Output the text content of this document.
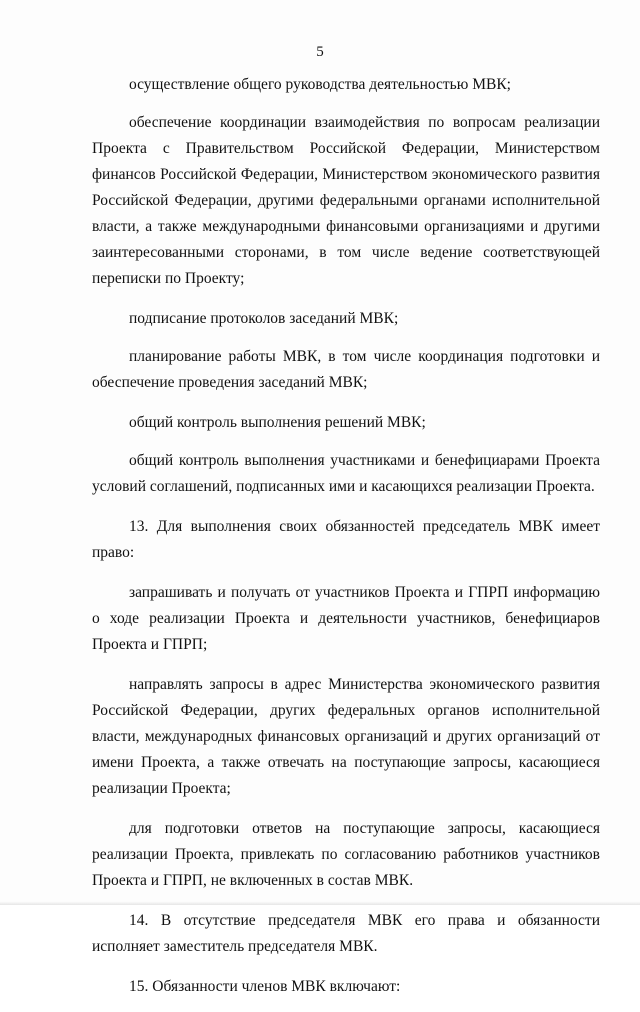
5

осуществление общего руководства деятельностью МВК;

обеспечение координации взаимодействия по вопросам реализации Проекта с Правительством Российской Федерации, Министерством финансов Российской Федерации, Министерством экономического развития Российской Федерации, другими федеральными органами исполнительной власти, а также международными финансовыми организациями и другими заинтересованными сторонами, в том числе ведение соответствующей переписки по Проекту;

подписание протоколов заседаний МВК;

планирование работы МВК, в том числе координация подготовки и обеспечение проведения заседаний МВК;

общий контроль выполнения решений МВК;

общий контроль выполнения участниками и бенефициарами Проекта условий соглашений, подписанных ими и касающихся реализации Проекта.

13. Для выполнения своих обязанностей председатель МВК имеет право:

запрашивать и получать от участников Проекта и ГПРП информацию о ходе реализации Проекта и деятельности участников, бенефициаров Проекта и ГПРП;

направлять запросы в адрес Министерства экономического развития Российской Федерации, других федеральных органов исполнительной власти, международных финансовых организаций и других организаций от имени Проекта, а также отвечать на поступающие запросы, касающиеся реализации Проекта;

для подготовки ответов на поступающие запросы, касающиеся реализации Проекта, привлекать по согласованию работников участников Проекта и ГПРП, не включенных в состав МВК.

14. В отсутствие председателя МВК его права и обязанности исполняет заместитель председателя МВК.

15. Обязанности членов МВК включают:
